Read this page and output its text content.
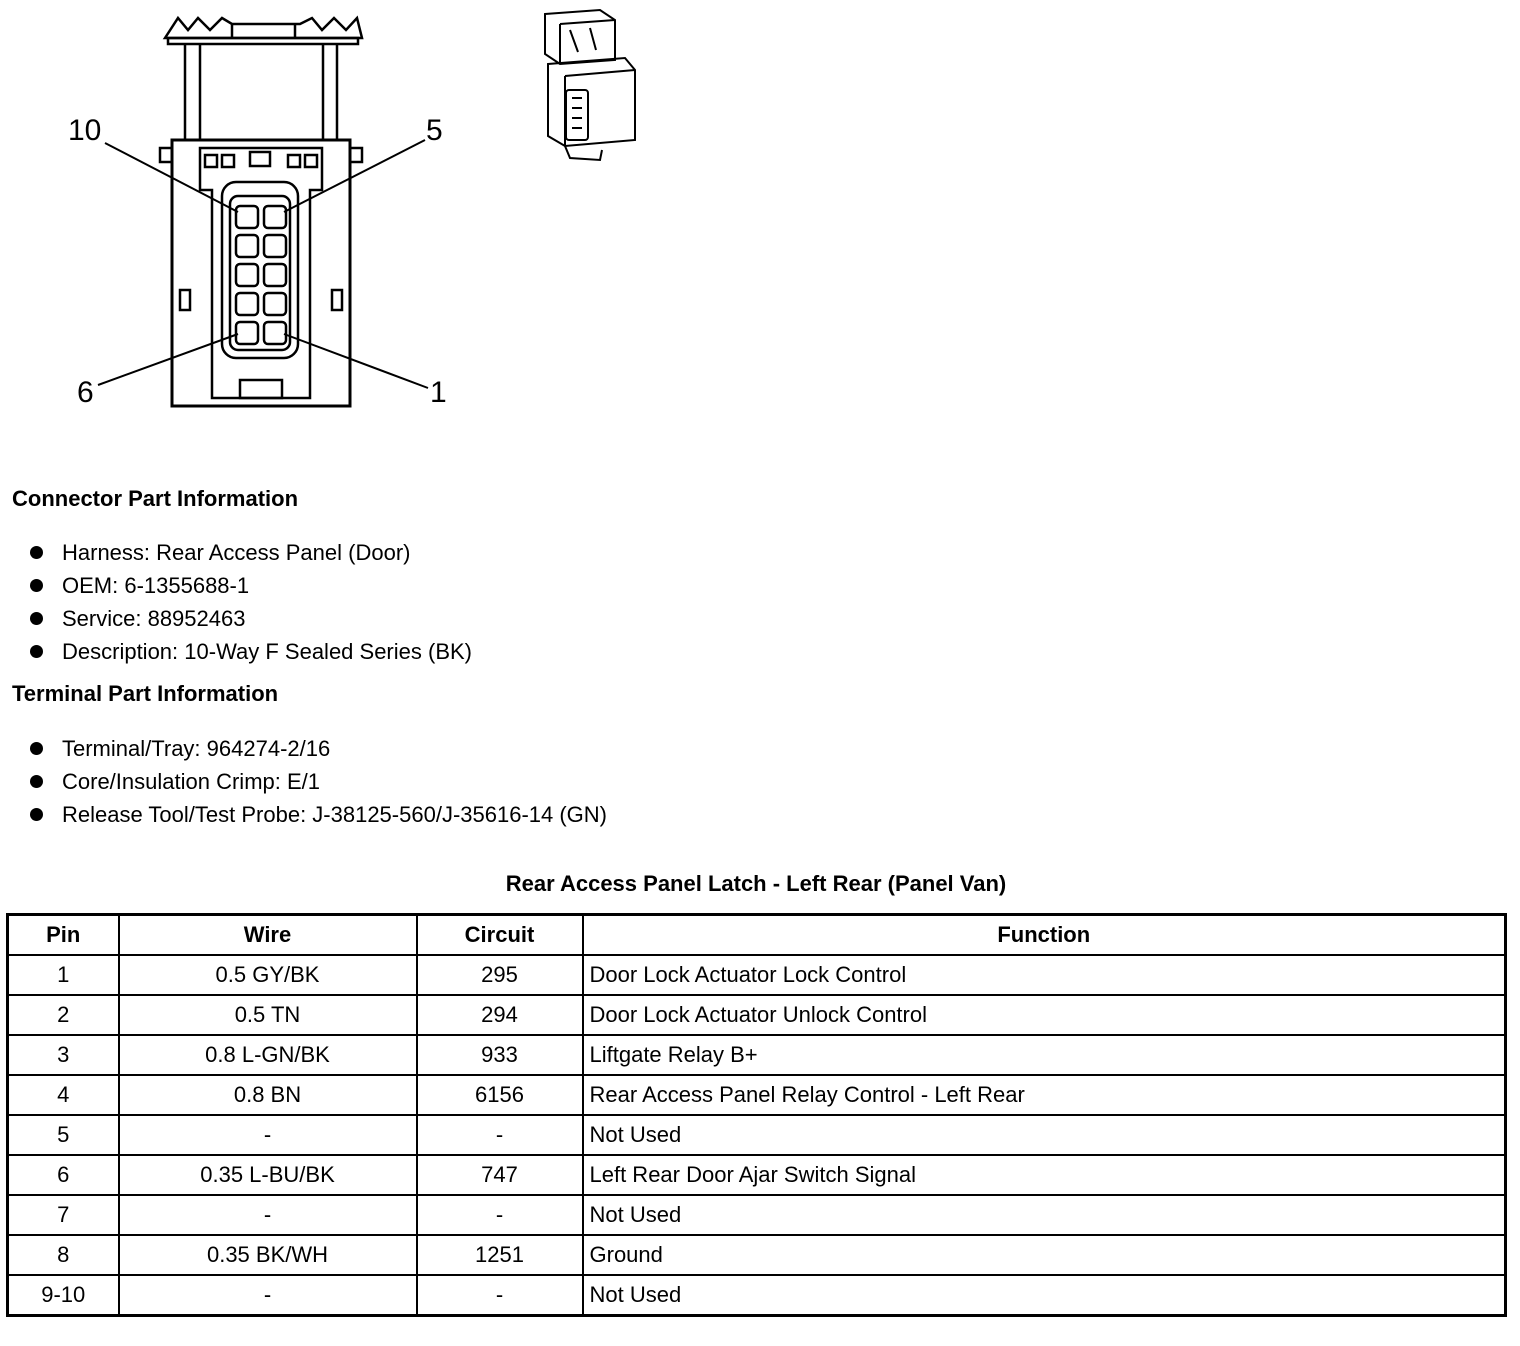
10	5
6	1
Connector Part Information
Harness: Rear Access Panel (Door)
OEM: 6-1355688-1
Service: 88952463
Description: 10-Way F Sealed Series (BK)
Terminal Part Information
Terminal/Tray: 964274-2/16
Core/Insulation Crimp: E/1
Release Tool/Test Probe: J-38125-560/J-35616-14 (GN)
Rear Access Panel Latch - Left Rear (Panel Van)
Pin	Wire	Circuit	Function
1	0.5 GY/BK	295	Door Lock Actuator Lock Control
2	0.5 TN	294	Door Lock Actuator Unlock Control
3	0.8 L-GN/BK	933	Liftgate Relay B+
4	0.8 BN	6156	Rear Access Panel Relay Control - Left Rear
5	-	-	Not Used
6	0.35 L-BU/BK	747	Left Rear Door Ajar Switch Signal
7	-	-	Not Used
8	0.35 BK/WH	1251	Ground
9-10	-	-	Not Used
